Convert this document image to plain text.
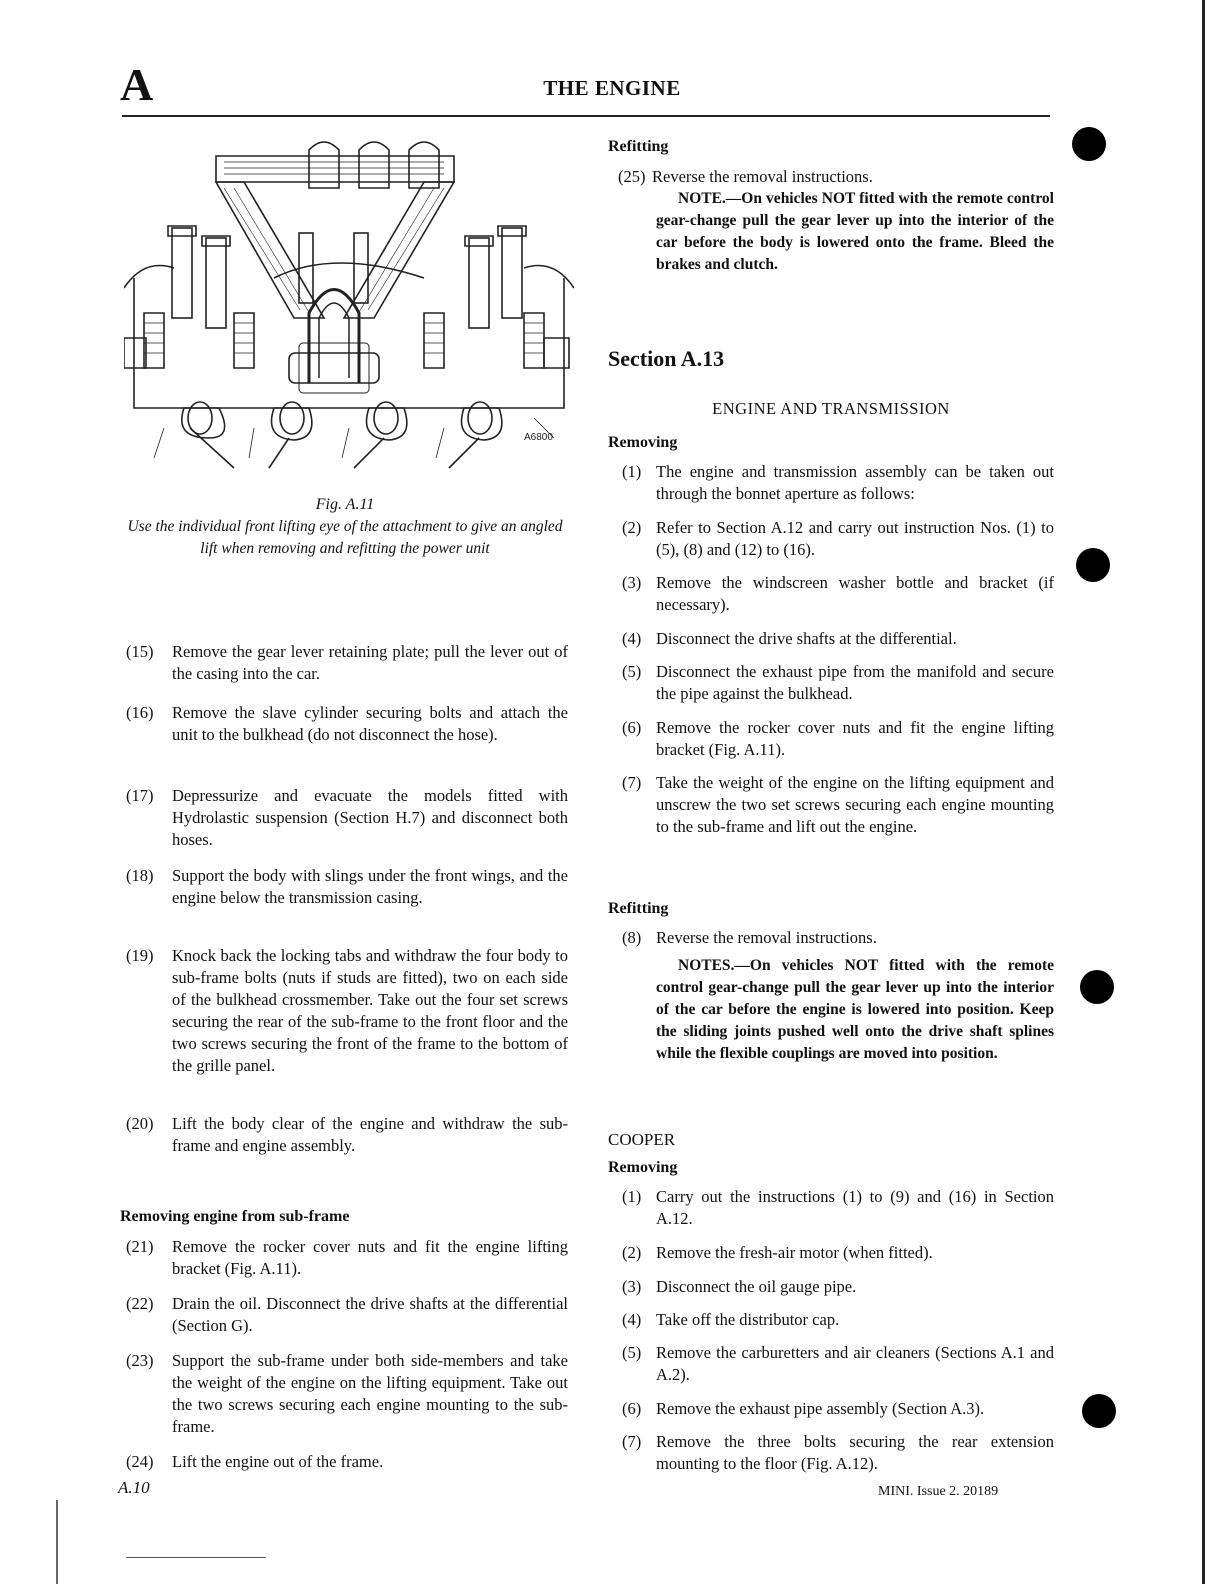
A	THE ENGINE
A6800
Fig. A.11
Use the individual front lifting eye of the attachment to give an angled lift when removing and refitting the power unit
(15)	Remove the gear lever retaining plate; pull the lever out of the casing into the car.
(16)	Remove the slave cylinder securing bolts and attach the unit to the bulkhead (do not disconnect the hose).
(17)	Depressurize and evacuate the models fitted with Hydrolastic suspension (Section H.7) and disconnect both hoses.
(18)	Support the body with slings under the front wings, and the engine below the transmission casing.
(19)	Knock back the locking tabs and withdraw the four body to sub-frame bolts (nuts if studs are fitted), two on each side of the bulkhead crossmember. Take out the four set screws securing the rear of the sub-frame to the front floor and the two screws securing the front of the frame to the bottom of the grille panel.
(20)	Lift the body clear of the engine and withdraw the sub-frame and engine assembly.
Removing engine from sub-frame
(21)	Remove the rocker cover nuts and fit the engine lifting bracket (Fig. A.11).
(22)	Drain the oil. Disconnect the drive shafts at the differential (Section G).
(23)	Support the sub-frame under both side-members and take the weight of the engine on the lifting equipment. Take out the two screws securing each engine mounting to the sub-frame.
(24)	Lift the engine out of the frame.
Refitting
(25) Reverse the removal instructions.
NOTE.—On vehicles NOT fitted with the remote control gear-change pull the gear lever up into the interior of the car before the body is lowered onto the frame. Bleed the brakes and clutch.
Section A.13
ENGINE AND TRANSMISSION
Removing
(1) The engine and transmission assembly can be taken out through the bonnet aperture as follows:
(2) Refer to Section A.12 and carry out instruction Nos. (1) to (5), (8) and (12) to (16).
(3) Remove the windscreen washer bottle and bracket (if necessary).
(4) Disconnect the drive shafts at the differential.
(5) Disconnect the exhaust pipe from the manifold and secure the pipe against the bulkhead.
(6) Remove the rocker cover nuts and fit the engine lifting bracket (Fig. A.11).
(7) Take the weight of the engine on the lifting equipment and unscrew the two set screws securing each engine mounting to the sub-frame and lift out the engine.
Refitting
(8) Reverse the removal instructions.
NOTES.—On vehicles NOT fitted with the remote control gear-change pull the gear lever up into the interior of the car before the engine is lowered into position. Keep the sliding joints pushed well onto the drive shaft splines while the flexible couplings are moved into position.
COOPER
Removing
(1) Carry out the instructions (1) to (9) and (16) in Section A.12.
(2) Remove the fresh-air motor (when fitted).
(3) Disconnect the oil gauge pipe.
(4) Take off the distributor cap.
(5) Remove the carburetters and air cleaners (Sections A.1 and A.2).
(6) Remove the exhaust pipe assembly (Section A.3).
(7) Remove the three bolts securing the rear extension mounting to the floor (Fig. A.12).
A.10	MINI. Issue 2. 20189
